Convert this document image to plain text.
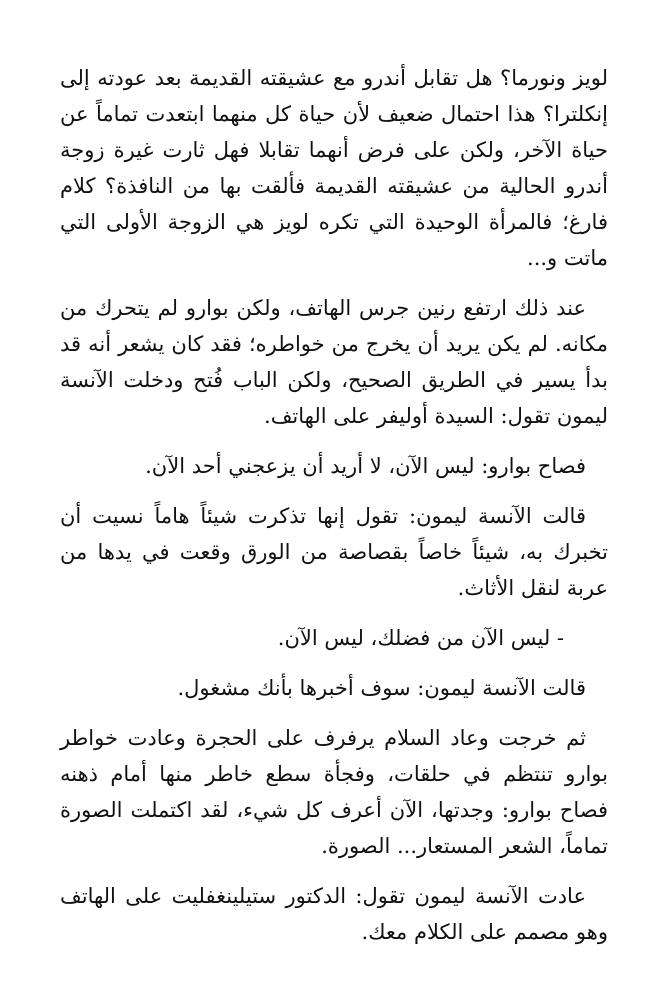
لويز ونورما؟ هل تقابل أندرو مع عشيقته القديمة بعد عودته إلى إنكلترا؟ هذا احتمال ضعيف لأن حياة كل منهما ابتعدت تماماً عن حياة الآخر، ولكن على فرض أنهما تقابلا فهل ثارت غيرة زوجة أندرو الحالية من عشيقته القديمة فألقت بها من النافذة؟ كلام فارغ؛ فالمرأة الوحيدة التي تكره لويز هي الزوجة الأولى التي ماتت و...

عند ذلك ارتفع رنين جرس الهاتف، ولكن بوارو لم يتحرك من مكانه. لم يكن يريد أن يخرج من خواطره؛ فقد كان يشعر أنه قد بدأ يسير في الطريق الصحيح، ولكن الباب فُتح ودخلت الآنسة ليمون تقول: السيدة أوليفر على الهاتف.

فصاح بوارو: ليس الآن، لا أريد أن يزعجني أحد الآن.

قالت الآنسة ليمون: تقول إنها تذكرت شيئاً هاماً نسيت أن تخبرك به، شيئاً خاصاً بقصاصة من الورق وقعت في يدها من عربة لنقل الأثاث.

- ليس الآن من فضلك، ليس الآن.

قالت الآنسة ليمون: سوف أخبرها بأنك مشغول.

ثم خرجت وعاد السلام يرفرف على الحجرة وعادت خواطر بوارو تنتظم في حلقات، وفجأة سطع خاطر منها أمام ذهنه فصاح بوارو: وجدتها، الآن أعرف كل شيء، لقد اكتملت الصورة تماماً، الشعر المستعار... الصورة.

عادت الآنسة ليمون تقول: الدكتور ستيلينغفليت على الهاتف وهو مصمم على الكلام معك.
